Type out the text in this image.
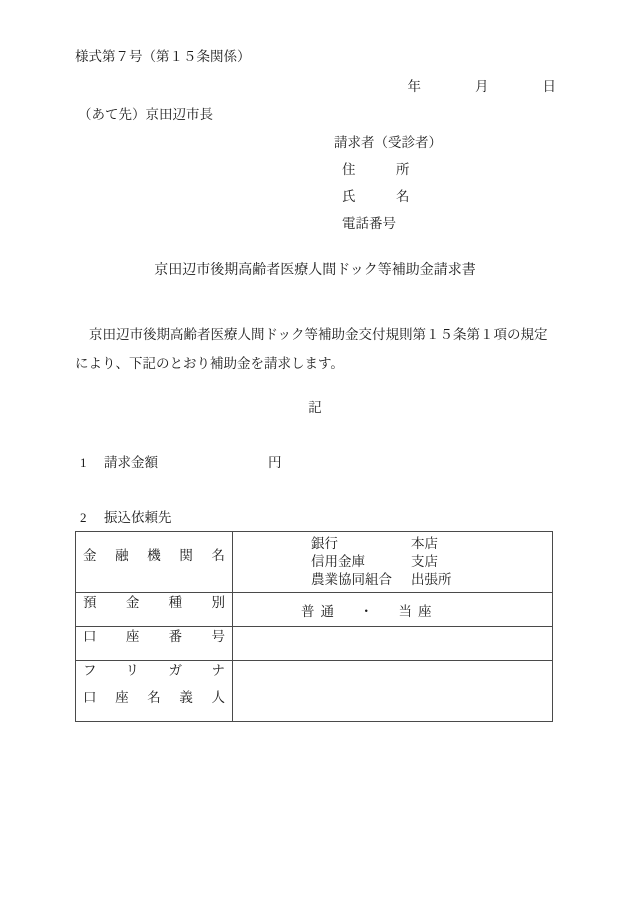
様式第７号（第１５条関係）
年　　　　月　　　　日
（あて先）京田辺市長
請求者（受診者）
住　　　所
氏　　　名
電話番号
京田辺市後期高齢者医療人間ドック等補助金請求書
京田辺市後期高齢者医療人間ドック等補助金交付規則第１５条第１項の規定により、下記のとおり補助金を請求します。
記
1 請求金額	円
2 振込依頼先
金融機関名	銀行 本店
信用金庫 支店
農業協同組合 出張所

預金種別	普通　・　当座

口座番号	

フリガナ
口座名義人	
